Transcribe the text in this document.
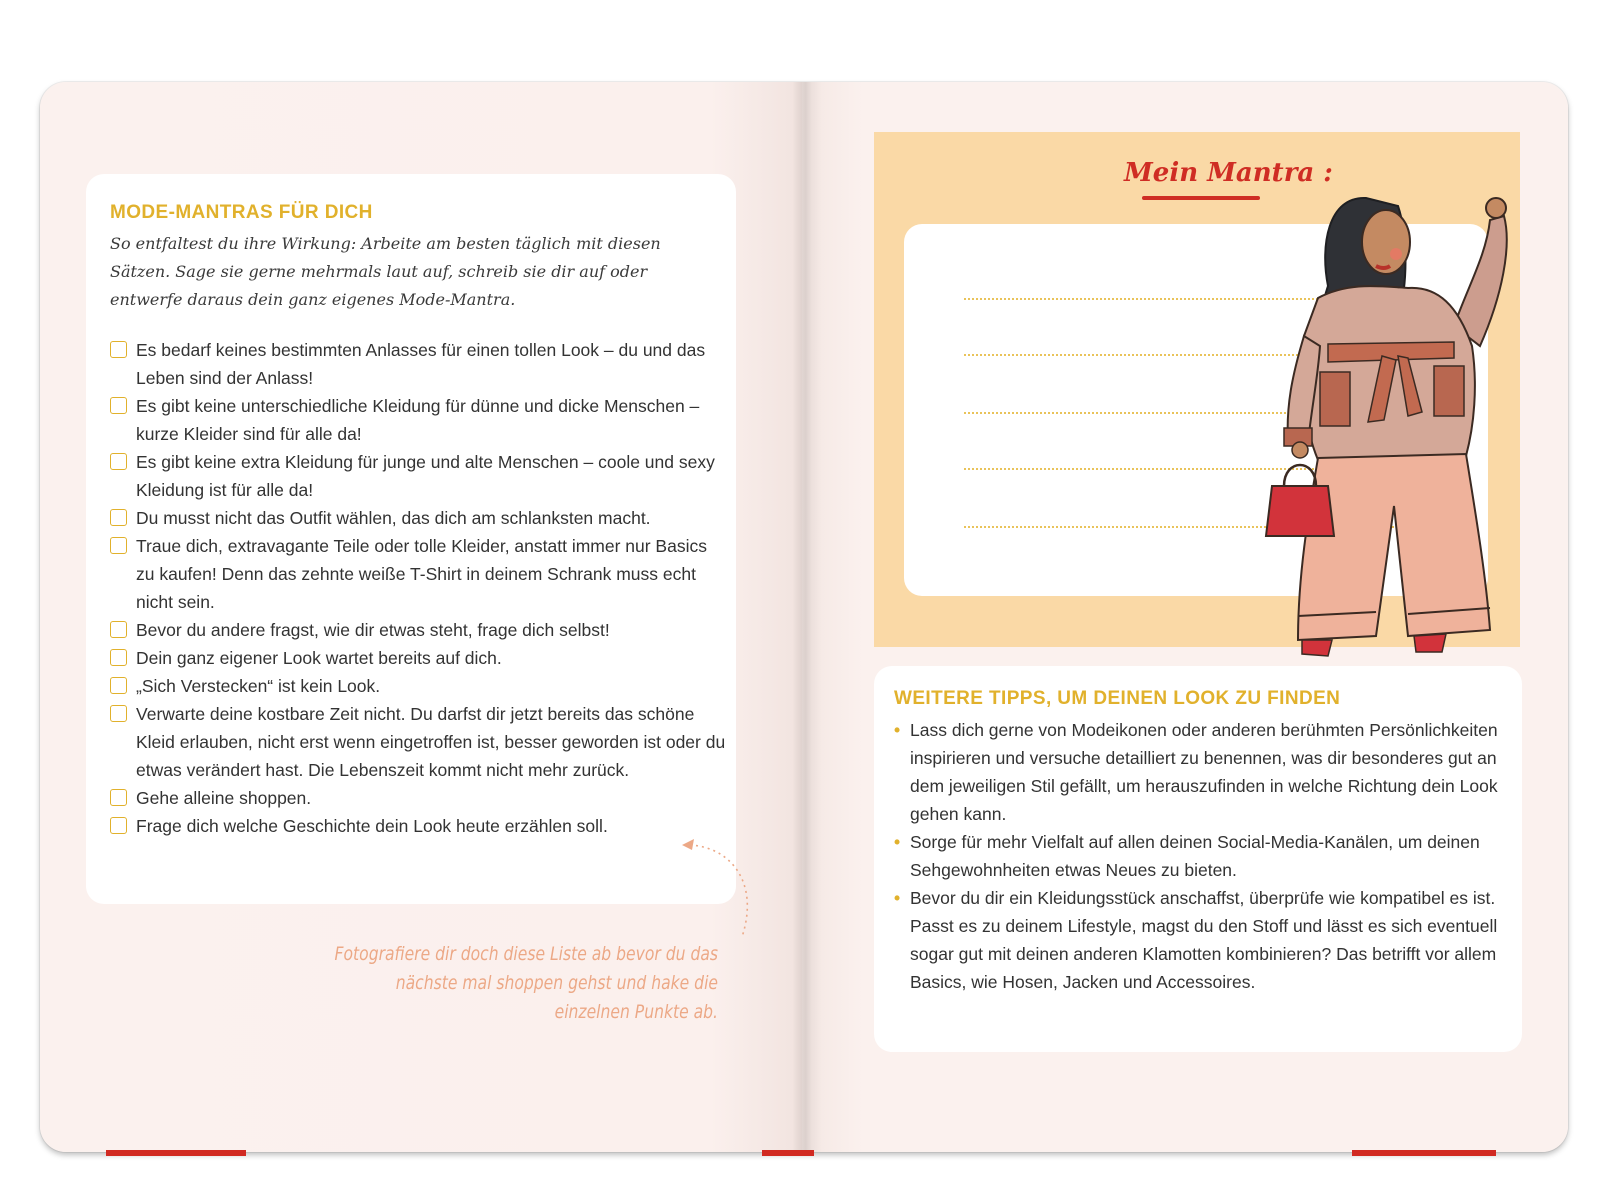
MODE-MANTRAS FÜR DICH
So entfaltest du ihre Wirkung: Arbeite am besten täglich mit diesen Sätzen. Sage sie gerne mehrmals laut auf, schreib sie dir auf oder entwerfe daraus dein ganz eigenes Mode-Mantra.
Es bedarf keines bestimmten Anlasses für einen tollen Look – du und das Leben sind der Anlass!
Es gibt keine unterschiedliche Kleidung für dünne und dicke Menschen – kurze Kleider sind für alle da!
Es gibt keine extra Kleidung für junge und alte Menschen – coole und sexy Kleidung ist für alle da!
Du musst nicht das Outfit wählen, das dich am schlanksten macht.
Traue dich, extravagante Teile oder tolle Kleider, anstatt immer nur Basics zu kaufen! Denn das zehnte weiße T-Shirt in deinem Schrank muss echt nicht sein.
Bevor du andere fragst, wie dir etwas steht, frage dich selbst!
Dein ganz eigener Look wartet bereits auf dich.
„Sich Verstecken“ ist kein Look.
Verwarte deine kostbare Zeit nicht. Du darfst dir jetzt bereits das schöne Kleid erlauben, nicht erst wenn eingetroffen ist, besser geworden ist oder du etwas verändert hast. Die Lebenszeit kommt nicht mehr zurück.
Gehe alleine shoppen.
Frage dich welche Geschichte dein Look heute erzählen soll.
Fotografiere dir doch diese Liste ab bevor du das nächste mal shoppen gehst und hake die einzelnen Punkte ab.
Mein Mantra :
WEITERE TIPPS, UM DEINEN LOOK ZU FINDEN
• Lass dich gerne von Modeikonen oder anderen berühmten Persönlichkeiten inspirieren und versuche detailliert zu benennen, was dir besonderes gut an dem jeweiligen Stil gefällt, um herauszufinden in welche Richtung dein Look gehen kann.
• Sorge für mehr Vielfalt auf allen deinen Social-Media-Kanälen, um deinen Sehgewohnheiten etwas Neues zu bieten.
• Bevor du dir ein Kleidungsstück anschaffst, überprüfe wie kompatibel es ist. Passt es zu deinem Lifestyle, magst du den Stoff und lässt es sich eventuell sogar gut mit deinen anderen Klamotten kombinieren? Das betrifft vor allem Basics, wie Hosen, Jacken und Accessoires.
